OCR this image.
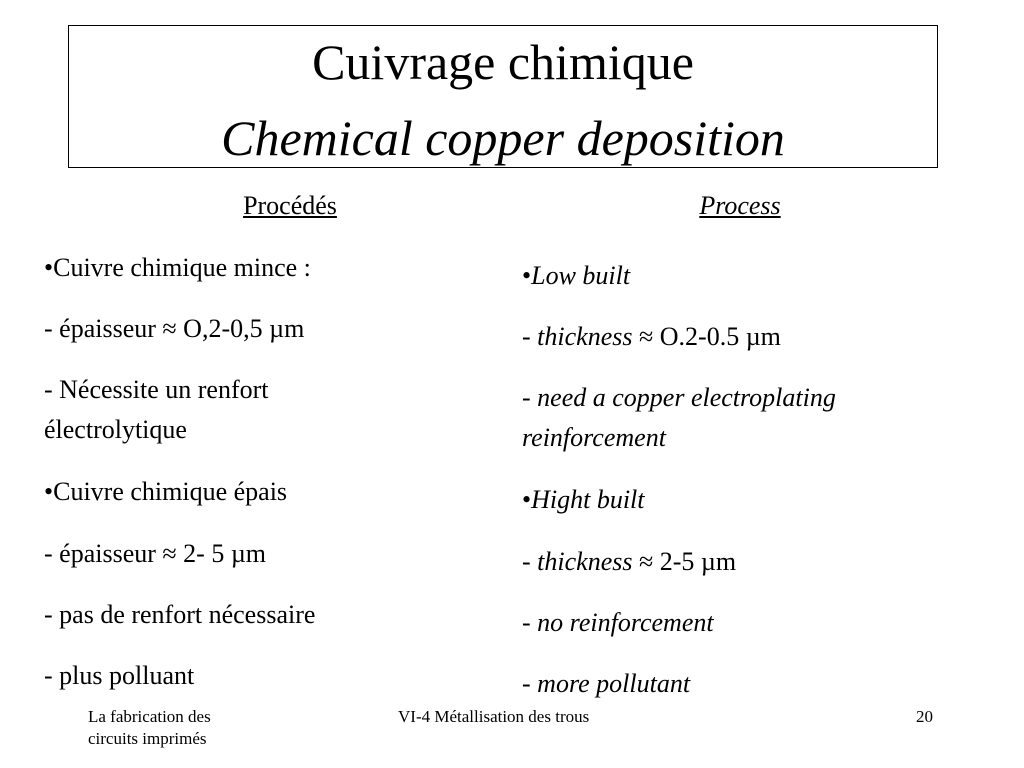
Cuivrage chimique
Chemical copper deposition
Procédés	Process
•Cuivre chimique mince :
- épaisseur ≈ O,2-0,5 µm
- Nécessite un renfort
électrolytique
•Cuivre chimique épais
- épaisseur ≈ 2- 5 µm
- pas de renfort nécessaire
- plus polluant
•Low built
- thickness ≈ O.2-0.5 µm
- need a copper electroplating
reinforcement
•Hight built
- thickness ≈ 2-5 µm
- no reinforcement
- more pollutant
La fabrication des
circuits imprimés
VI-4 Métallisation des trous	20
